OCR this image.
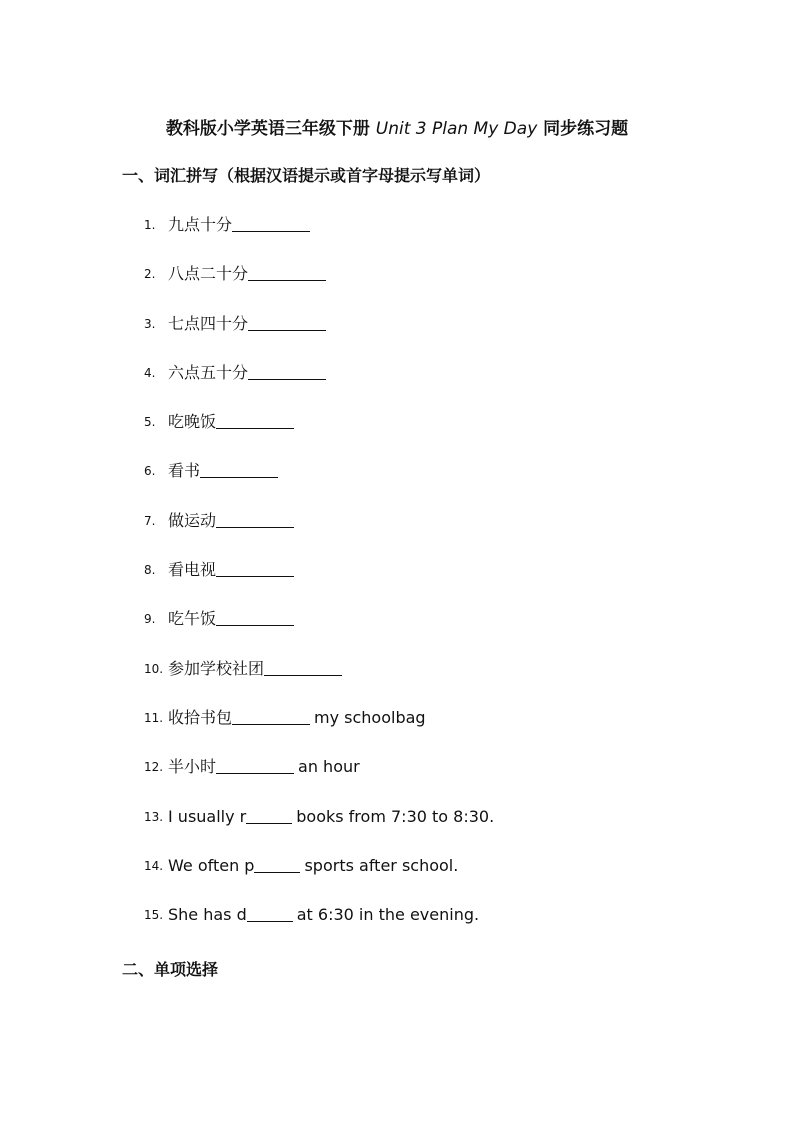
教科版小学英语三年级下册 Unit 3 Plan My Day 同步练习题
一、词汇拼写（根据汉语提示或首字母提示写单词）
1. 九点十分
2. 八点二十分
3. 七点四十分
4. 六点五十分
5. 吃晚饭
6. 看书
7. 做运动
8. 看电视
9. 吃午饭
10. 参加学校社团
11. 收拾书包	my schoolbag
12. 半小时	an hour
13. I usually r	books from 7:30 to 8:30.
14. We often p	sports after school.
15. She has d	at 6:30 in the evening.
二、单项选择
